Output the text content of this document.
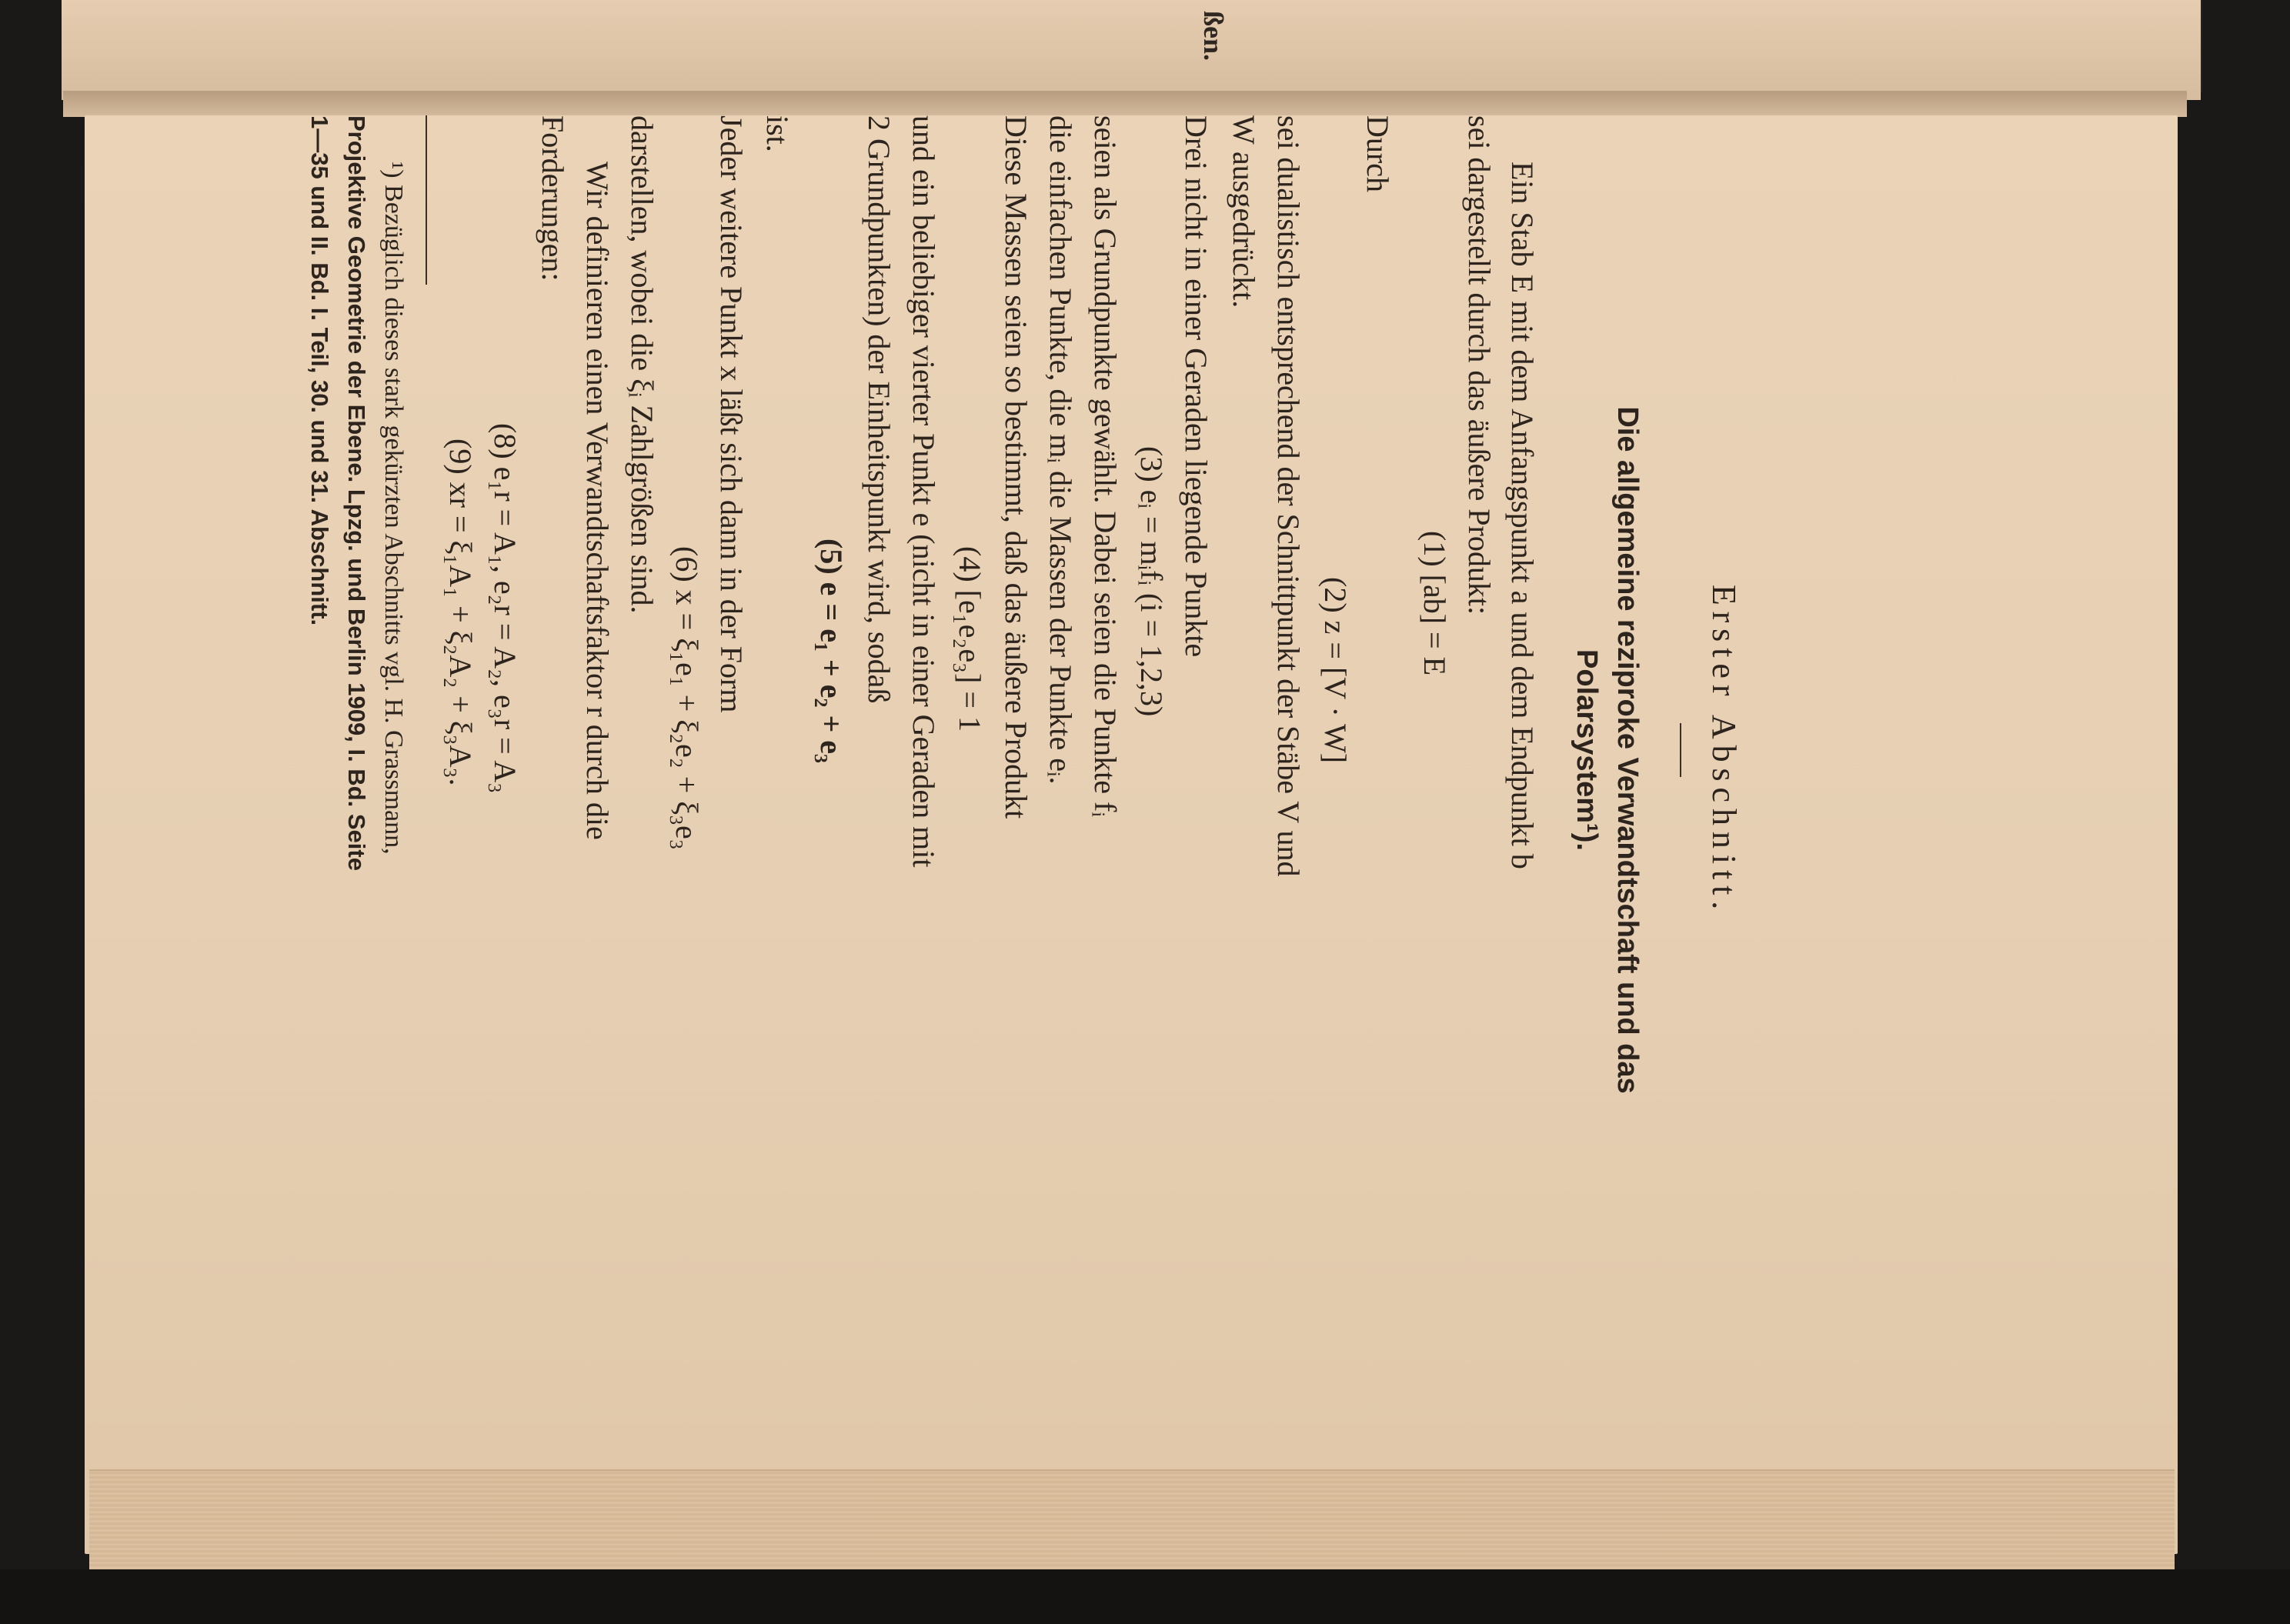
ßen.
Erster Abschnitt.
Die allgemeine reziproke Verwandtschaft und das
Polarsystem¹).
Ein Stab E mit dem Anfangspunkt a und dem Endpunkt b
sei dargestellt durch das äußere Produkt:
(1) [ab] = E
Durch
(2) z = [V · W]
sei dualistisch entsprechend der Schnittpunkt der Stäbe V und
W ausgedrückt.
Drei nicht in einer Geraden liegende Punkte
(3) eᵢ = mᵢfᵢ (i = 1,2,3)
seien als Grundpunkte gewählt. Dabei seien die Punkte fᵢ
die einfachen Punkte, die mᵢ die Massen der Punkte eᵢ.
Diese Massen seien so bestimmt, daß das äußere Produkt
(4) [e₁e₂e₃] = 1
und ein beliebiger vierter Punkt e (nicht in einer Geraden mit
2 Grundpunkten) der Einheitspunkt wird, sodaß
(5) e = e₁ + e₂ + e₃
ist.
Jeder weitere Punkt x läßt sich dann in der Form
(6) x = ξ₁e₁ + ξ₂e₂ + ξ₃e₃
darstellen, wobei die ξᵢ Zahlgrößen sind.
Wir definieren einen Verwandtschaftsfaktor r durch die
Forderungen:
(8) e₁r = A₁, e₂r = A₂, e₃r = A₃
(9) xr = ξ₁A₁ + ξ₂A₂ + ξ₃A₃.
¹) Bezüglich dieses stark gekürzten Abschnitts vgl. H. Grassmann,
Projektive Geometrie der Ebene. Lpzg. und Berlin 1909, I. Bd. Seite
1—35 und II. Bd. I. Teil, 30. und 31. Abschnitt.
